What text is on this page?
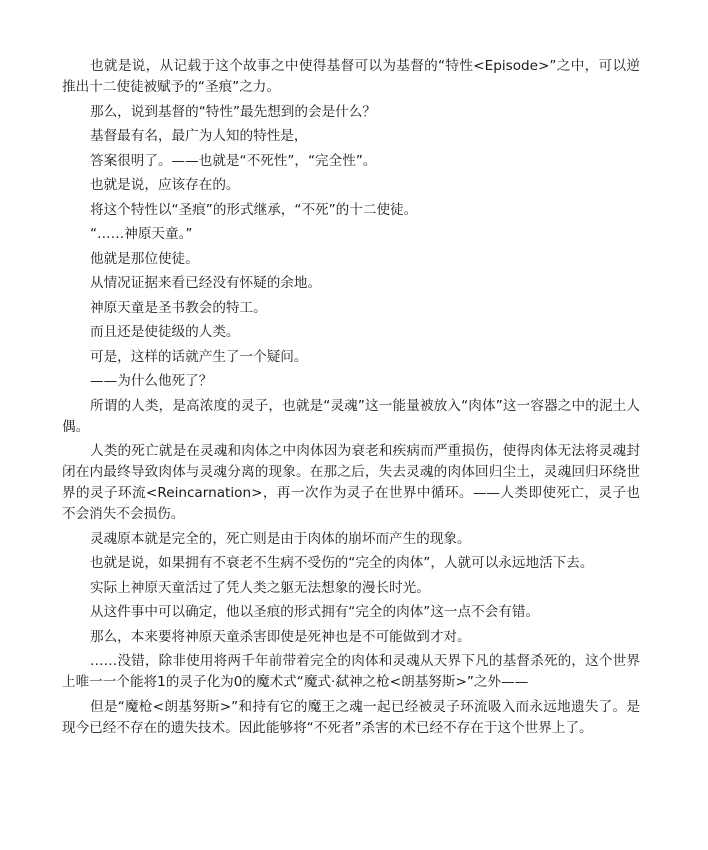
也就是说，从记载于这个故事之中使得基督可以为基督的“特性<Episode>”之中，可以逆推出十二使徒被赋予的“圣痕”之力。

那么，说到基督的“特性”最先想到的会是什么？

基督最有名，最广为人知的特性是，

答案很明了。——也就是“不死性”，“完全性”。

也就是说，应该存在的。

将这个特性以“圣痕”的形式继承，“不死”的十二使徒。

“……神原天童。”

他就是那位使徒。

从情况证据来看已经没有怀疑的余地。

神原天童是圣书教会的特工。

而且还是使徒级的人类。

可是，这样的话就产生了一个疑问。

——为什么他死了？

所谓的人类，是高浓度的灵子，也就是“灵魂”这一能量被放入“肉体”这一容器之中的泥土人偶。

人类的死亡就是在灵魂和肉体之中肉体因为衰老和疾病而严重损伤，使得肉体无法将灵魂封闭在内最终导致肉体与灵魂分离的现象。在那之后，失去灵魂的肉体回归尘土，灵魂回归环绕世界的灵子环流<Reincarnation>，再一次作为灵子在世界中循环。——人类即使死亡，灵子也不会消失不会损伤。

灵魂原本就是完全的，死亡则是由于肉体的崩坏而产生的现象。

也就是说，如果拥有不衰老不生病不受伤的“完全的肉体”，人就可以永远地活下去。

实际上神原天童活过了凭人类之躯无法想象的漫长时光。

从这件事中可以确定，他以圣痕的形式拥有“完全的肉体”这一点不会有错。

那么，本来要将神原天童杀害即使是死神也是不可能做到才对。

……没错，除非使用将两千年前带着完全的肉体和灵魂从天界下凡的基督杀死的，这个世界上唯一一个能将1的灵子化为0的魔术式“魔式·弑神之枪<朗基努斯>”之外——

但是“魔枪<朗基努斯>”和持有它的魔王之魂一起已经被灵子环流吸入而永远地遗失了。是现今已经不存在的遗失技术。因此能够将“不死者”杀害的术已经不存在于这个世界上了。
